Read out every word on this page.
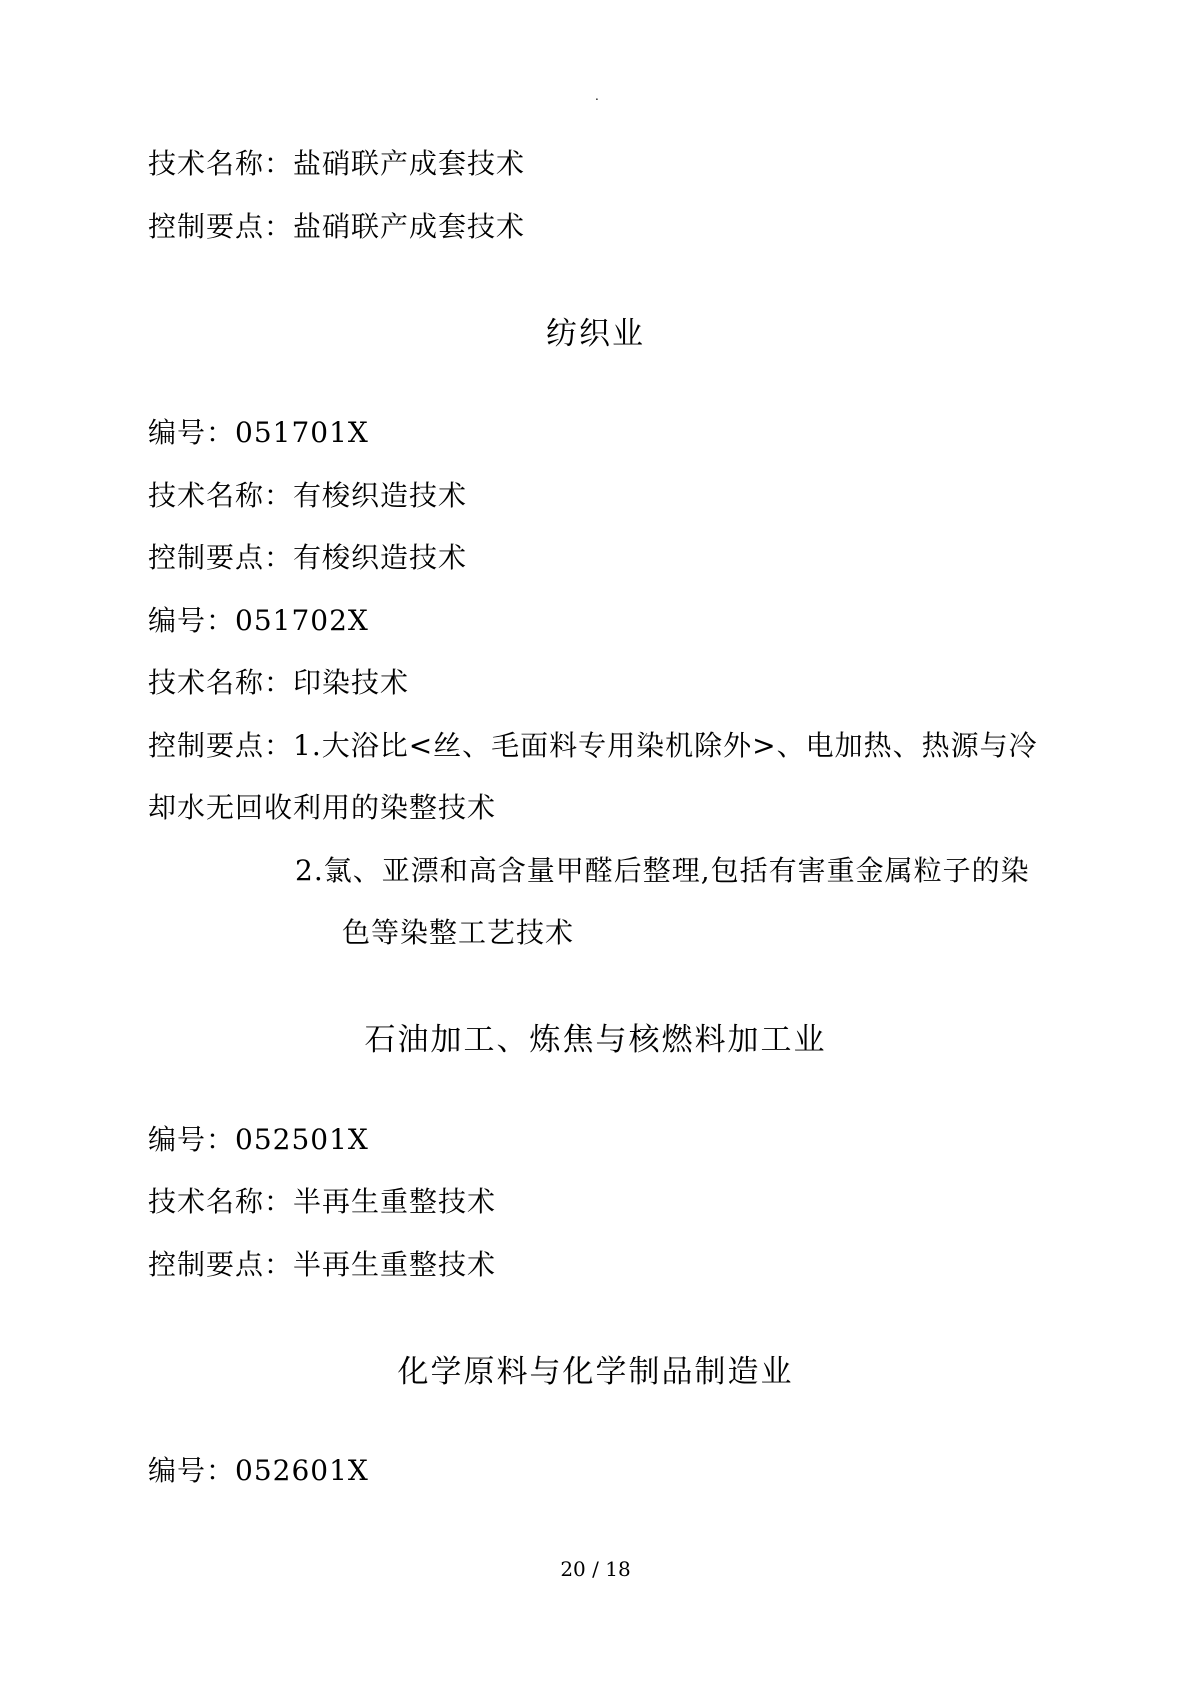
.
技术名称：盐硝联产成套技术
控制要点：盐硝联产成套技术
纺织业
编号：051701X
技术名称：有梭织造技术
控制要点：有梭织造技术
编号：051702X
技术名称：印染技术
控制要点：1.大浴比<丝、毛面料专用染机除外>、电加热、热源与冷
却水无回收利用的染整技术
2.氯、亚漂和高含量甲醛后整理,包括有害重金属粒子的染
色等染整工艺技术
石油加工、炼焦与核燃料加工业
编号：052501X
技术名称：半再生重整技术
控制要点：半再生重整技术
化学原料与化学制品制造业
编号：052601X
20 / 18
